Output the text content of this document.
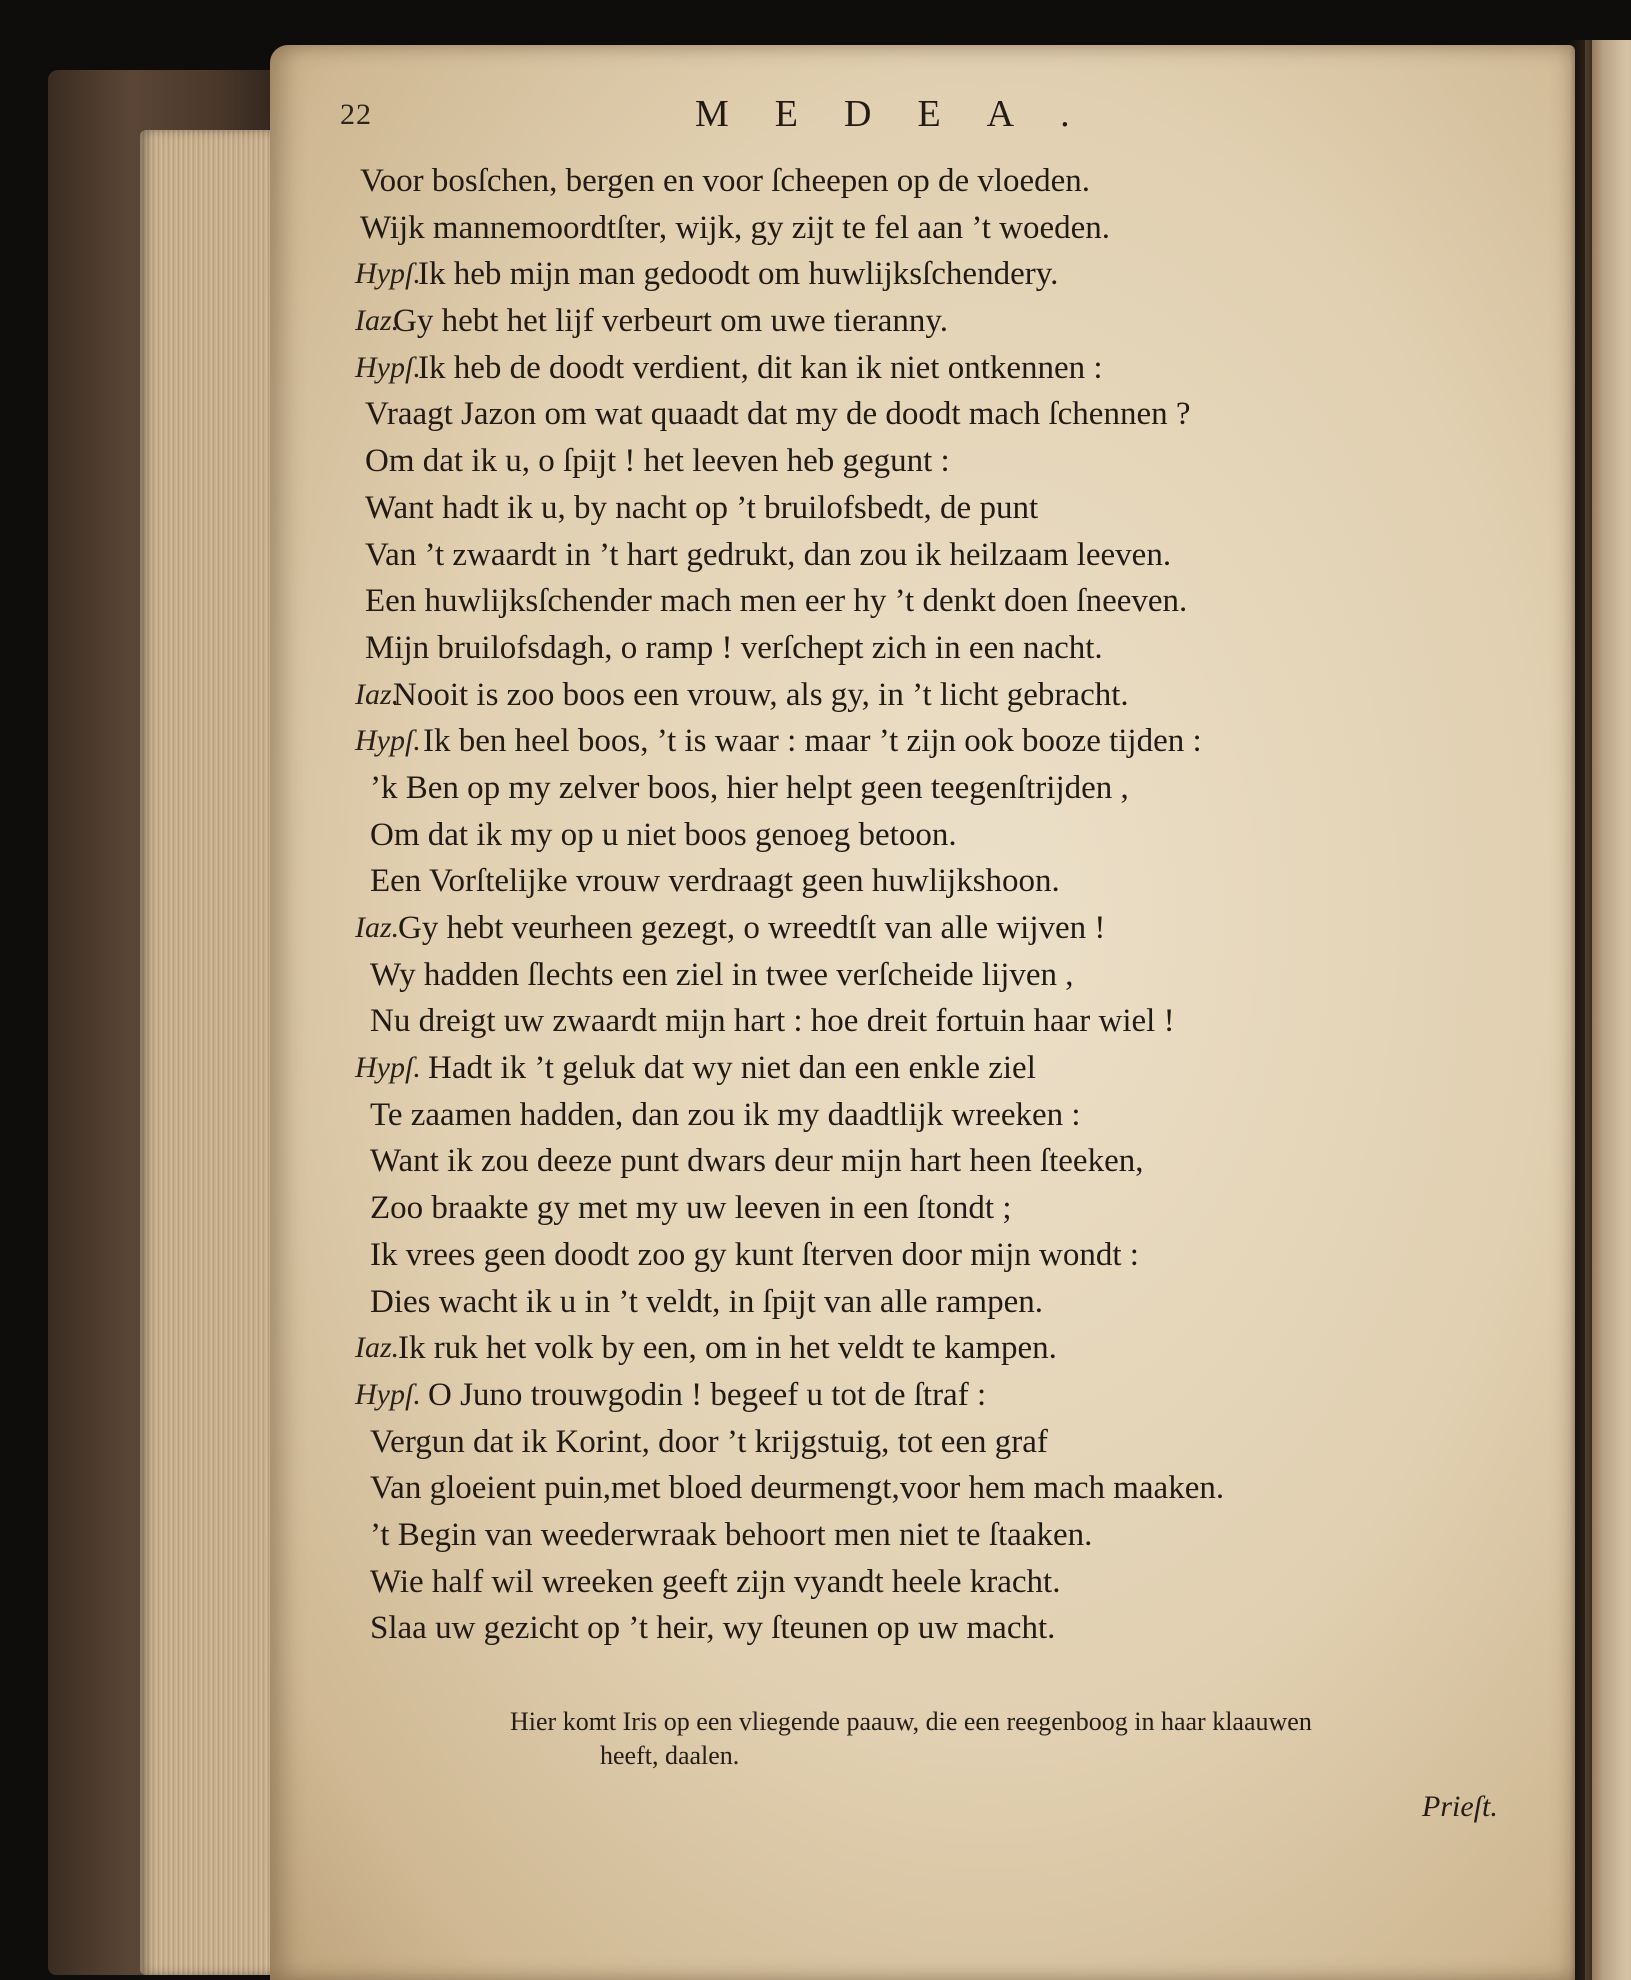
22	MEDEA.
Voor bosſchen, bergen en voor ſcheepen op de vloeden.
Wijk mannemoordtſter, wijk, gy zijt te fel aan ’t woeden.
Hypſ.
Ik heb mijn man gedoodt om huwlijksſchendery.
Iaz.
Gy hebt het lijf verbeurt om uwe tieranny.
Hypſ.
Ik heb de doodt verdient, dit kan ik niet ontkennen :
Vraagt Jazon om wat quaadt dat my de doodt mach ſchennen ?
Om dat ik u, o ſpijt ! het leeven heb gegunt :
Want hadt ik u, by nacht op ’t bruilofsbedt, de punt
Van ’t zwaardt in ’t hart gedrukt, dan zou ik heilzaam leeven.
Een huwlijksſchender mach men eer hy ’t denkt doen ſneeven.
Mijn bruilofsdagh, o ramp ! verſchept zich in een nacht.
Iaz.
Nooit is zoo boos een vrouw, als gy, in ’t licht gebracht.
Hypſ. Ik ben heel boos, ’t is waar : maar ’t zijn ook booze tijden :
’k Ben op my zelver boos, hier helpt geen teegenſtrijden ,
Om dat ik my op u niet boos genoeg betoon.
Een Vorſtelijke vrouw verdraagt geen huwlijkshoon.
Iaz.
Gy hebt veurheen gezegt, o wreedtſt van alle wijven !
Wy hadden ſlechts een ziel in twee verſcheide lijven ,
Nu dreigt uw zwaardt mijn hart : hoe dreit fortuin haar wiel !
Hypſ. Hadt ik ’t geluk dat wy niet dan een enkle ziel
Te zaamen hadden, dan zou ik my daadtlijk wreeken :
Want ik zou deeze punt dwars deur mijn hart heen ſteeken,
Zoo braakte gy met my uw leeven in een ſtondt ;
Ik vrees geen doodt zoo gy kunt ſterven door mijn wondt :
Dies wacht ik u in ’t veldt, in ſpijt van alle rampen.
Iaz.
Ik ruk het volk by een, om in het veldt te kampen.
Hypſ. O Juno trouwgodin ! begeef u tot de ſtraf :
Vergun dat ik Korint, door ’t krijgstuig, tot een graf
Van gloeient puin,met bloed deurmengt,voor hem mach maaken.
’t Begin van weederwraak behoort men niet te ſtaaken.
Wie half wil wreeken geeft zijn vyandt heele kracht.
Slaa uw gezicht op ’t heir, wy ſteunen op uw macht.
Hier komt Iris op een vliegende paauw, die een reegenboog in haar klaauwen
heeft, daalen.
Prieſt.
